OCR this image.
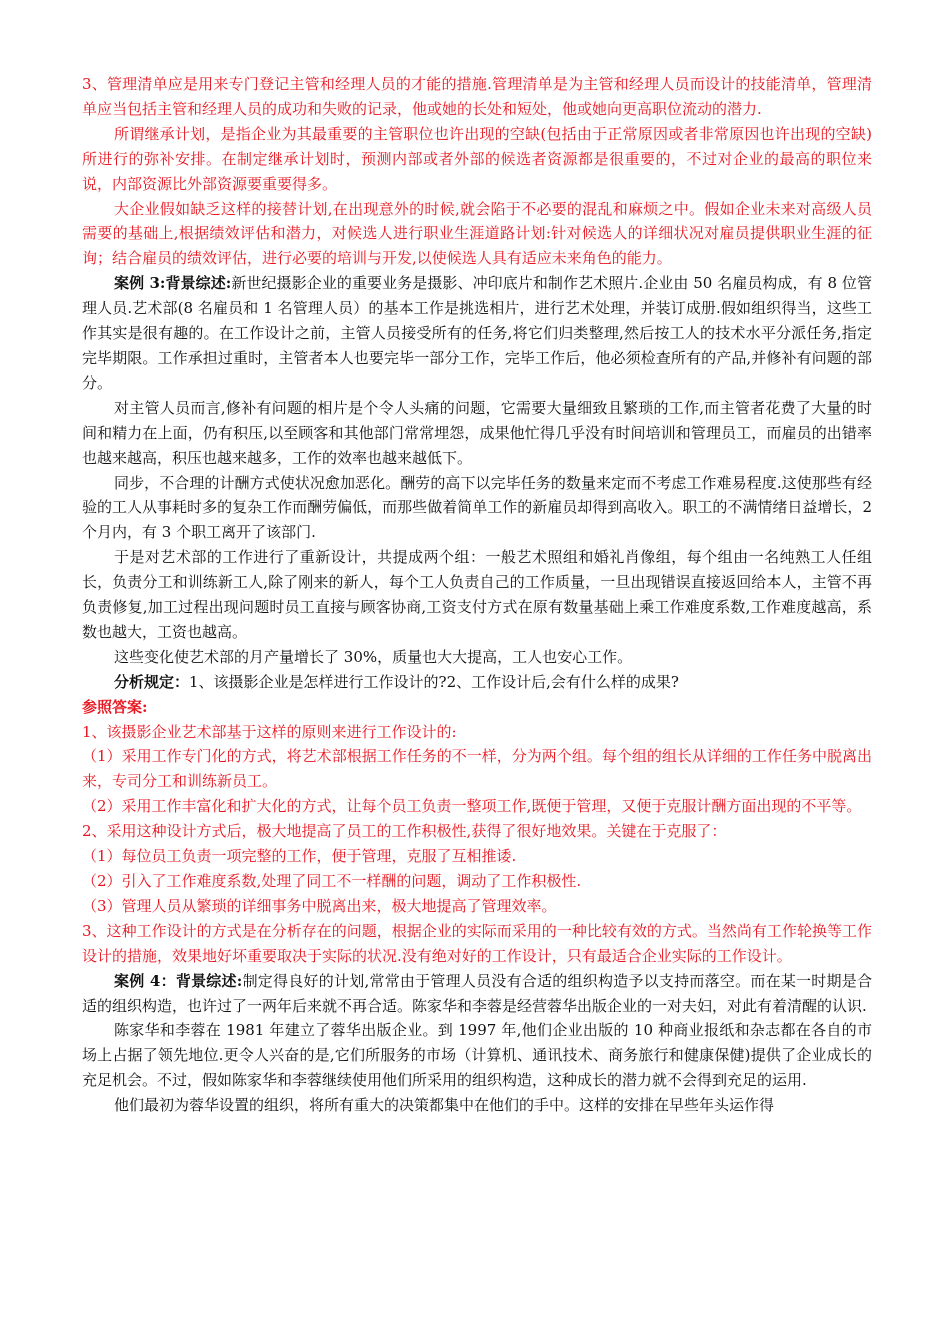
3、管理清单应是用来专门登记主管和经理人员的才能的措施.管理清单是为主管和经理人员而设计的技能清单，管理清单应当包括主管和经理人员的成功和失败的记录，他或她的长处和短处，他或她向更高职位流动的潜力.

所谓继承计划，是指企业为其最重要的主管职位也许出现的空缺(包括由于正常原因或者非常原因也许出现的空缺)所进行的弥补安排。在制定继承计划时，预测内部或者外部的候选者资源都是很重要的，不过对企业的最高的职位来说，内部资源比外部资源要重要得多。

大企业假如缺乏这样的接替计划,在出现意外的时候,就会陷于不必要的混乱和麻烦之中。假如企业未来对高级人员需要的基础上,根据绩效评估和潜力，对候选人进行职业生涯道路计划:针对候选人的详细状况对雇员提供职业生涯的征询；结合雇员的绩效评估，进行必要的培训与开发,以使候选人具有适应未来角色的能力。

案例 3:背景综述:新世纪摄影企业的重要业务是摄影、冲印底片和制作艺术照片.企业由 50 名雇员构成，有 8 位管理人员.艺术部(8 名雇员和 1 名管理人员）的基本工作是挑选相片，进行艺术处理，并装订成册.假如组织得当，这些工作其实是很有趣的。在工作设计之前，主管人员接受所有的任务,将它们归类整理,然后按工人的技术水平分派任务,指定完毕期限。工作承担过重时，主管者本人也要完毕一部分工作，完毕工作后，他必须检查所有的产品,并修补有问题的部分。

对主管人员而言,修补有问题的相片是个令人头痛的问题，它需要大量细致且繁琐的工作,而主管者花费了大量的时间和精力在上面，仍有积压,以至顾客和其他部门常常埋怨，成果他忙得几乎没有时间培训和管理员工，而雇员的出错率也越来越高，积压也越来越多，工作的效率也越来越低下。

同步，不合理的计酬方式使状况愈加恶化。酬劳的高下以完毕任务的数量来定而不考虑工作难易程度.这使那些有经验的工人从事耗时多的复杂工作而酬劳偏低，而那些做着简单工作的新雇员却得到高收入。职工的不满情绪日益增长，2 个月内，有 3 个职工离开了该部门.

于是对艺术部的工作进行了重新设计，共提成两个组：一般艺术照组和婚礼肖像组，每个组由一名纯熟工人任组长，负责分工和训练新工人,除了刚来的新人，每个工人负责自己的工作质量，一旦出现错误直接返回给本人，主管不再负责修复,加工过程出现问题时员工直接与顾客协商,工资支付方式在原有数量基础上乘工作难度系数,工作难度越高，系数也越大，工资也越高。

这些变化使艺术部的月产量增长了 30%，质量也大大提高，工人也安心工作。

分析规定：1、该摄影企业是怎样进行工作设计的?2、工作设计后,会有什么样的成果?

参照答案:

1、该摄影企业艺术部基于这样的原则来进行工作设计的:

（1）采用工作专门化的方式，将艺术部根据工作任务的不一样，分为两个组。每个组的组长从详细的工作任务中脱离出来，专司分工和训练新员工。

（2）采用工作丰富化和扩大化的方式，让每个员工负责一整项工作,既便于管理，又便于克服计酬方面出现的不平等。

2、采用这种设计方式后，极大地提高了员工的工作积极性,获得了很好地效果。关键在于克服了：

（1）每位员工负责一项完整的工作，便于管理，克服了互相推诿.

（2）引入了工作难度系数,处理了同工不一样酬的问题，调动了工作积极性.

（3）管理人员从繁琐的详细事务中脱离出来，极大地提高了管理效率。

3、这种工作设计的方式是在分析存在的问题，根据企业的实际而采用的一种比较有效的方式。当然尚有工作轮换等工作设计的措施，效果地好坏重要取决于实际的状况.没有绝对好的工作设计，只有最适合企业实际的工作设计。

案例 4：背景综述:制定得良好的计划,常常由于管理人员没有合适的组织构造予以支持而落空。而在某一时期是合适的组织构造，也许过了一两年后来就不再合适。陈家华和李蓉是经营蓉华出版企业的一对夫妇，对此有着清醒的认识.

陈家华和李蓉在 1981 年建立了蓉华出版企业。到 1997 年,他们企业出版的 10 种商业报纸和杂志都在各自的市场上占据了领先地位.更令人兴奋的是,它们所服务的市场（计算机、通讯技术、商务旅行和健康保健)提供了企业成长的充足机会。不过，假如陈家华和李蓉继续使用他们所采用的组织构造，这种成长的潜力就不会得到充足的运用.

他们最初为蓉华设置的组织，将所有重大的决策都集中在他们的手中。这样的安排在早些年头运作得
